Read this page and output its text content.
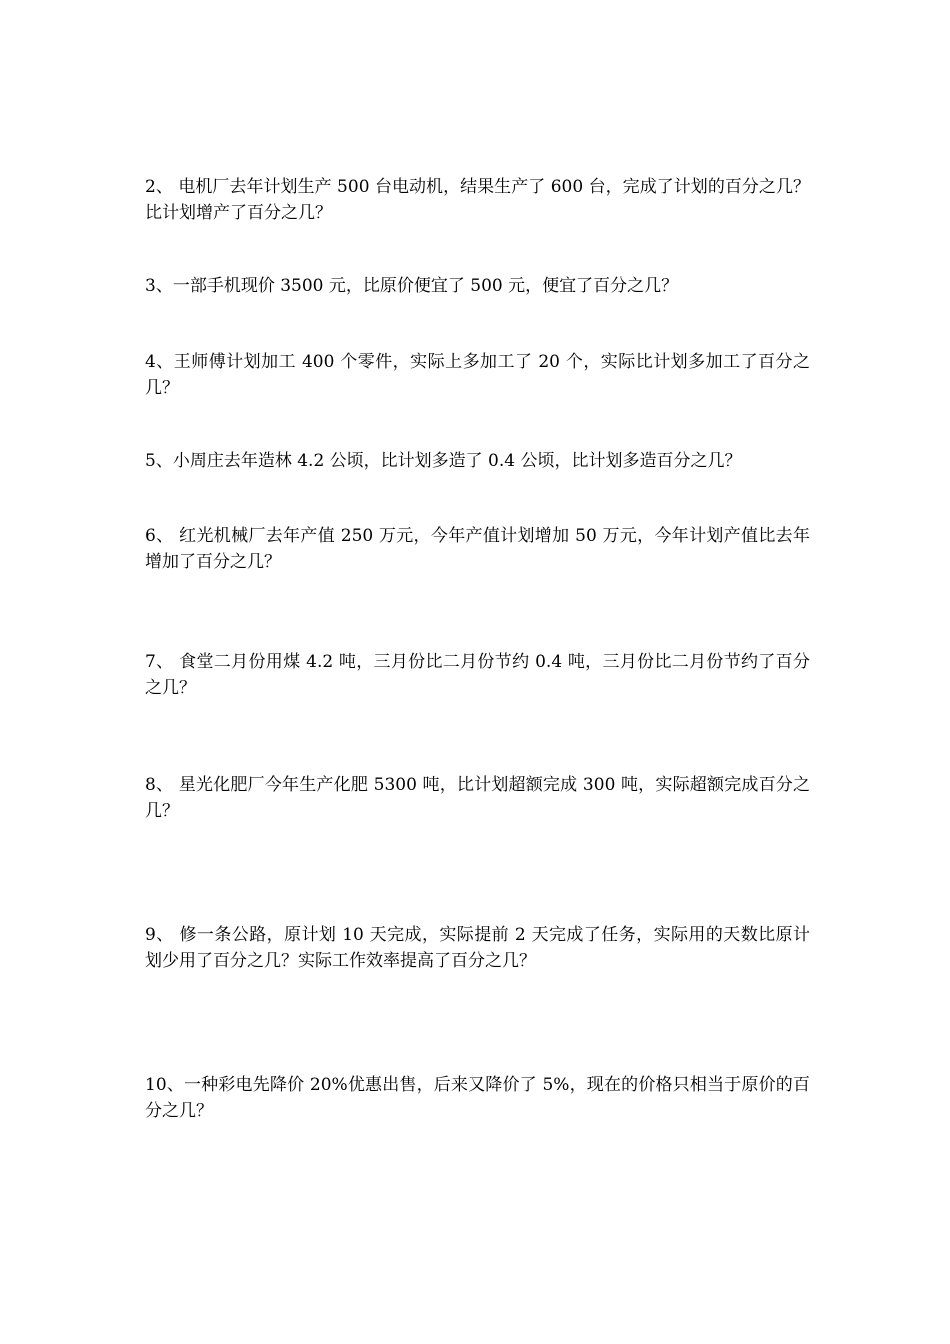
2、 电机厂去年计划生产 500 台电动机，结果生产了 600 台，完成了计划的百分之几？比计划增产了百分之几？

3、一部手机现价 3500 元，比原价便宜了 500 元，便宜了百分之几？

4、王师傅计划加工 400 个零件，实际上多加工了 20 个，实际比计划多加工了百分之几？

5、小周庄去年造林 4.2 公顷，比计划多造了 0.4 公顷，比计划多造百分之几？

6、 红光机械厂去年产值 250 万元，今年产值计划增加 50 万元，今年计划产值比去年增加了百分之几？

7、 食堂二月份用煤 4.2 吨，三月份比二月份节约 0.4 吨，三月份比二月份节约了百分之几？

8、 星光化肥厂今年生产化肥 5300 吨，比计划超额完成 300 吨，实际超额完成百分之几？

9、 修一条公路，原计划 10 天完成，实际提前 2 天完成了任务，实际用的天数比原计划少用了百分之几？实际工作效率提高了百分之几？

10、一种彩电先降价 20%优惠出售，后来又降价了 5%，现在的价格只相当于原价的百分之几？
